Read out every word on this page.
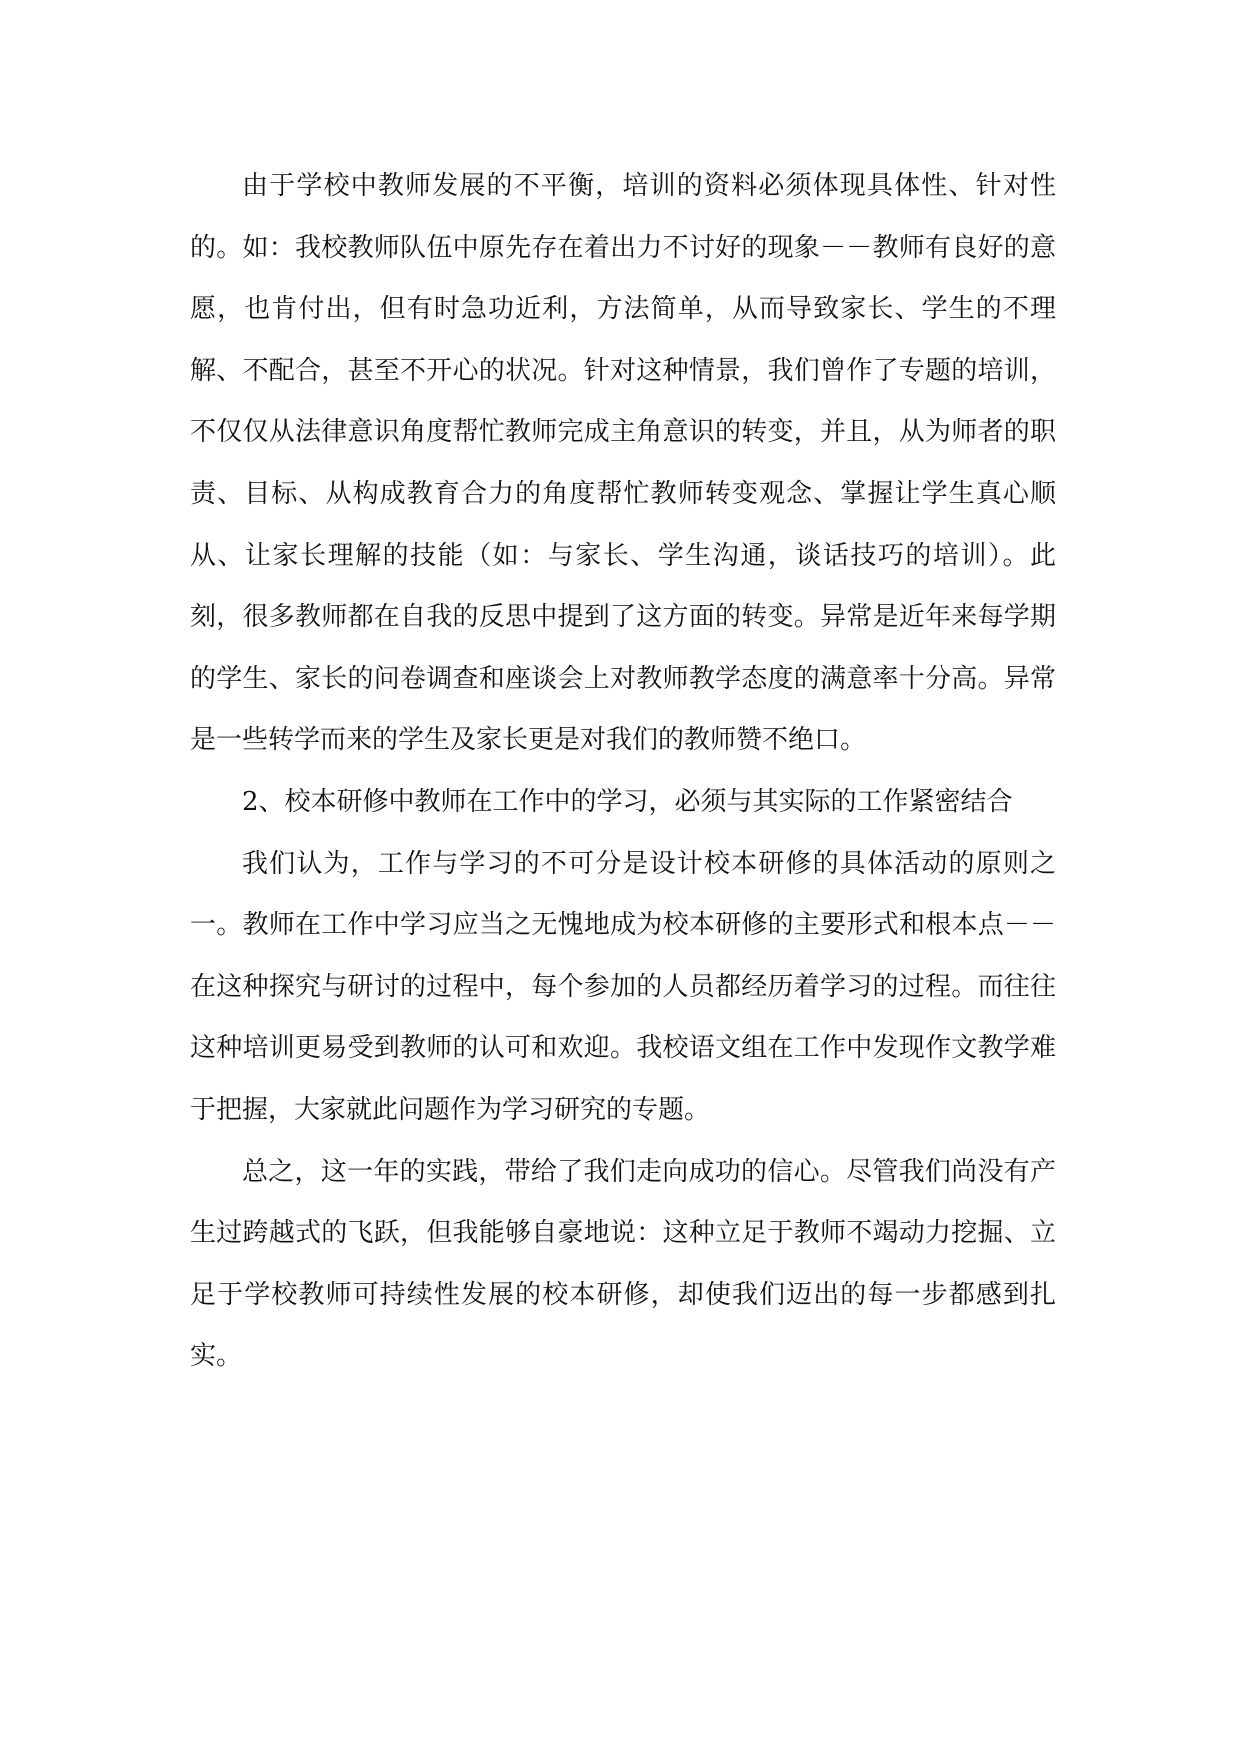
由于学校中教师发展的不平衡，培训的资料必须体现具体性、针对性的。如：我校教师队伍中原先存在着出力不讨好的现象－－教师有良好的意愿，也肯付出，但有时急功近利，方法简单，从而导致家长、学生的不理解、不配合，甚至不开心的状况。针对这种情景，我们曾作了专题的培训，不仅仅从法律意识角度帮忙教师完成主角意识的转变，并且，从为师者的职责、目标、从构成教育合力的角度帮忙教师转变观念、掌握让学生真心顺从、让家长理解的技能（如：与家长、学生沟通，谈话技巧的培训）。此刻，很多教师都在自我的反思中提到了这方面的转变。异常是近年来每学期的学生、家长的问卷调查和座谈会上对教师教学态度的满意率十分高。异常是一些转学而来的学生及家长更是对我们的教师赞不绝口。

2、校本研修中教师在工作中的学习，必须与其实际的工作紧密结合

我们认为，工作与学习的不可分是设计校本研修的具体活动的原则之一。教师在工作中学习应当之无愧地成为校本研修的主要形式和根本点－－在这种探究与研讨的过程中，每个参加的人员都经历着学习的过程。而往往这种培训更易受到教师的认可和欢迎。我校语文组在工作中发现作文教学难于把握，大家就此问题作为学习研究的专题。

总之，这一年的实践，带给了我们走向成功的信心。尽管我们尚没有产生过跨越式的飞跃，但我能够自豪地说：这种立足于教师不竭动力挖掘、立足于学校教师可持续性发展的校本研修，却使我们迈出的每一步都感到扎实。
